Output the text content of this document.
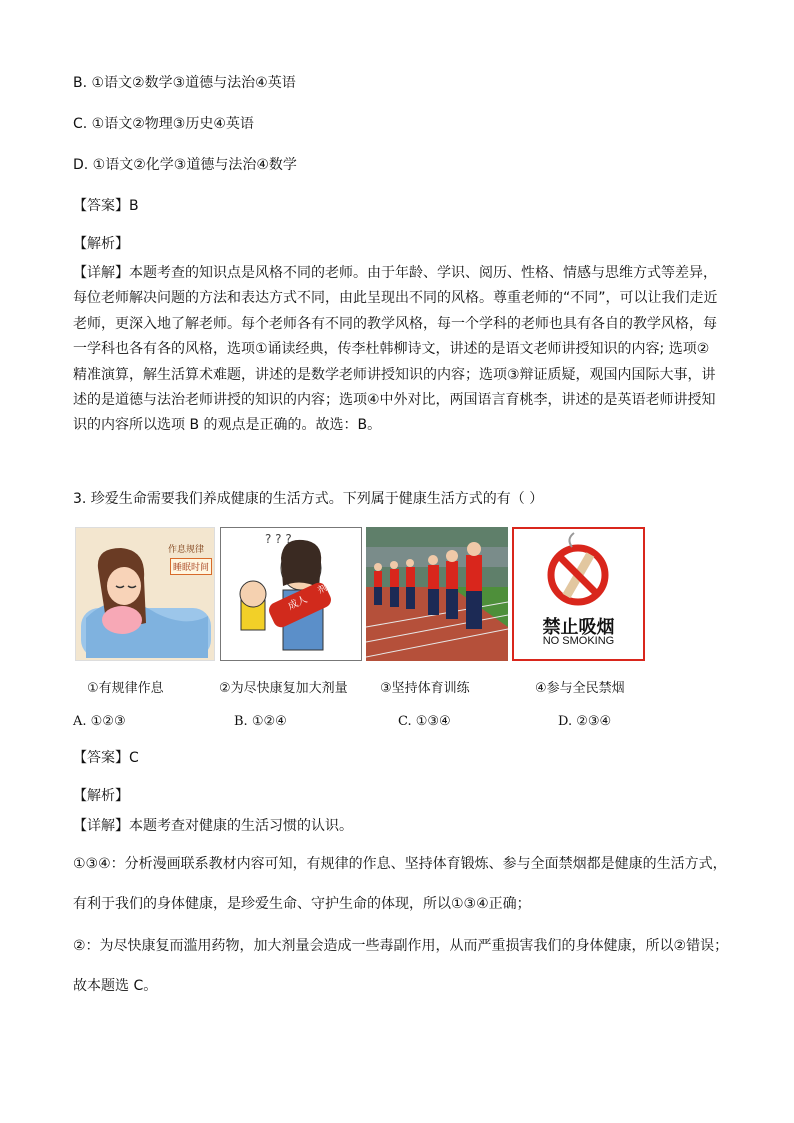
B. ①语文②数学③道德与法治④英语
C. ①语文②物理③历史④英语
D. ①语文②化学③道德与法治④数学
【答案】B
【解析】
【详解】本题考查的知识点是风格不同的老师。由于年龄、学识、阅历、性格、情感与思维方式等差异，每位老师解决问题的方法和表达方式不同，由此呈现出不同的风格。尊重老师的“不同”，可以让我们走近老师，更深入地了解老师。每个老师各有不同的教学风格，每一个学科的老师也具有各自的教学风格，每一学科也各有各的风格，选项①诵读经典，传李杜韩柳诗文，讲述的是语文老师讲授知识的内容; 选项②精准演算，解生活算术难题，讲述的是数学老师讲授知识的内容；选项③辩证质疑，观国内国际大事，讲述的是道德与法治老师讲授的知识的内容；选项④中外对比，两国语言育桃李，讲述的是英语老师讲授知识的内容所以选项 B 的观点是正确的。故选：B。
3. 珍爱生命需要我们养成健康的生活方式。下列属于健康生活方式的有（ ）
作息规律
睡眠时间
? ? ?
剂量
成人
禁止吸烟
NO SMOKING
①有规律作息	②为尽快康复加大剂量 ③坚持体育训练	④参与全民禁烟
A. ①②③	B. ①②④	C. ①③④	D. ②③④
【答案】C
【解析】
【详解】本题考查对健康的生活习惯的认识。
①③④：分析漫画联系教材内容可知，有规律的作息、坚持体育锻炼、参与全面禁烟都是健康的生活方式，
有利于我们的身体健康，是珍爱生命、守护生命的体现，所以①③④正确；
②：为尽快康复而滥用药物，加大剂量会造成一些毒副作用，从而严重损害我们的身体健康，所以②错误；
故本题选 C。
